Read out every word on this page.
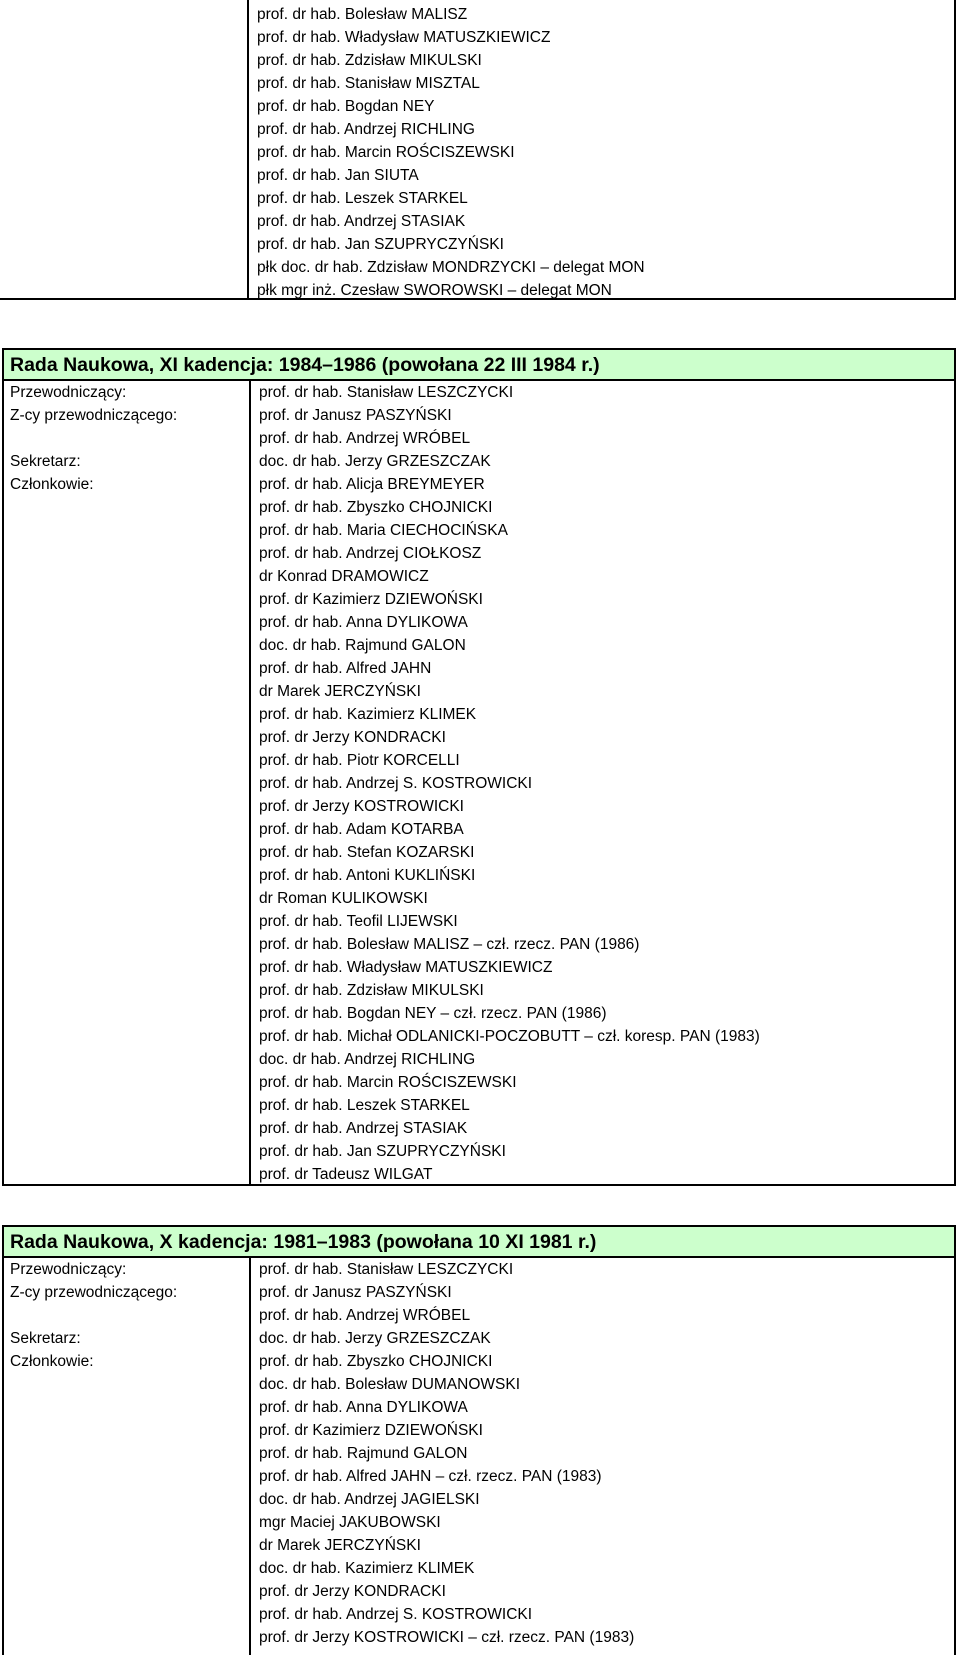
prof. dr hab. Bolesław MALISZ
prof. dr hab. Władysław MATUSZKIEWICZ
prof. dr hab. Zdzisław MIKULSKI
prof. dr hab. Stanisław MISZTAL
prof. dr hab. Bogdan NEY
prof. dr hab. Andrzej RICHLING
prof. dr hab. Marcin ROŚCISZEWSKI
prof. dr hab. Jan SIUTA
prof. dr hab. Leszek STARKEL
prof. dr hab. Andrzej STASIAK
prof. dr hab. Jan SZUPRYCZYŃSKI
płk doc. dr hab. Zdzisław MONDRZYCKI – delegat MON
płk mgr inż. Czesław SWOROWSKI – delegat MON
Rada Naukowa, XI kadencja: 1984–1986 (powołana 22 III 1984 r.)
Przewodniczący:
Z-cy przewodniczącego:
Sekretarz:
Członkowie:
prof. dr hab. Stanisław LESZCZYCKI
prof. dr Janusz PASZYŃSKI
prof. dr hab. Andrzej WRÓBEL
doc. dr hab. Jerzy GRZESZCZAK
prof. dr hab. Alicja BREYMEYER
prof. dr hab. Zbyszko CHOJNICKI
prof. dr hab. Maria CIECHOCIŃSKA
prof. dr hab. Andrzej CIOŁKOSZ
dr Konrad DRAMOWICZ
prof. dr Kazimierz DZIEWOŃSKI
prof. dr hab. Anna DYLIKOWA
doc. dr hab. Rajmund GALON
prof. dr hab. Alfred JAHN
dr Marek JERCZYŃSKI
prof. dr hab. Kazimierz KLIMEK
prof. dr Jerzy KONDRACKI
prof. dr hab. Piotr KORCELLI
prof. dr hab. Andrzej S. KOSTROWICKI
prof. dr Jerzy KOSTROWICKI
prof. dr hab. Adam KOTARBA
prof. dr hab. Stefan KOZARSKI
prof. dr hab. Antoni KUKLIŃSKI
dr Roman KULIKOWSKI
prof. dr hab. Teofil LIJEWSKI
prof. dr hab. Bolesław MALISZ – czł. rzecz. PAN (1986)
prof. dr hab. Władysław MATUSZKIEWICZ
prof. dr hab. Zdzisław MIKULSKI
prof. dr hab. Bogdan NEY – czł. rzecz. PAN (1986)
prof. dr hab. Michał ODLANICKI-POCZOBUTT – czł. koresp. PAN (1983)
doc. dr hab. Andrzej RICHLING
prof. dr hab. Marcin ROŚCISZEWSKI
prof. dr hab. Leszek STARKEL
prof. dr hab. Andrzej STASIAK
prof. dr hab. Jan SZUPRYCZYŃSKI
prof. dr Tadeusz WILGAT
Rada Naukowa, X kadencja: 1981–1983 (powołana 10 XI 1981 r.)
Przewodniczący:
Z-cy przewodniczącego:
Sekretarz:
Członkowie:
prof. dr hab. Stanisław LESZCZYCKI
prof. dr Janusz PASZYŃSKI
prof. dr hab. Andrzej WRÓBEL
doc. dr hab. Jerzy GRZESZCZAK
prof. dr hab. Zbyszko CHOJNICKI
doc. dr hab. Bolesław DUMANOWSKI
prof. dr hab. Anna DYLIKOWA
prof. dr Kazimierz DZIEWOŃSKI
prof. dr hab. Rajmund GALON
prof. dr hab. Alfred JAHN – czł. rzecz. PAN (1983)
doc. dr hab. Andrzej JAGIELSKI
mgr Maciej JAKUBOWSKI
dr Marek JERCZYŃSKI
doc. dr hab. Kazimierz KLIMEK
prof. dr Jerzy KONDRACKI
prof. dr hab. Andrzej S. KOSTROWICKI
prof. dr Jerzy KOSTROWICKI – czł. rzecz. PAN (1983)
